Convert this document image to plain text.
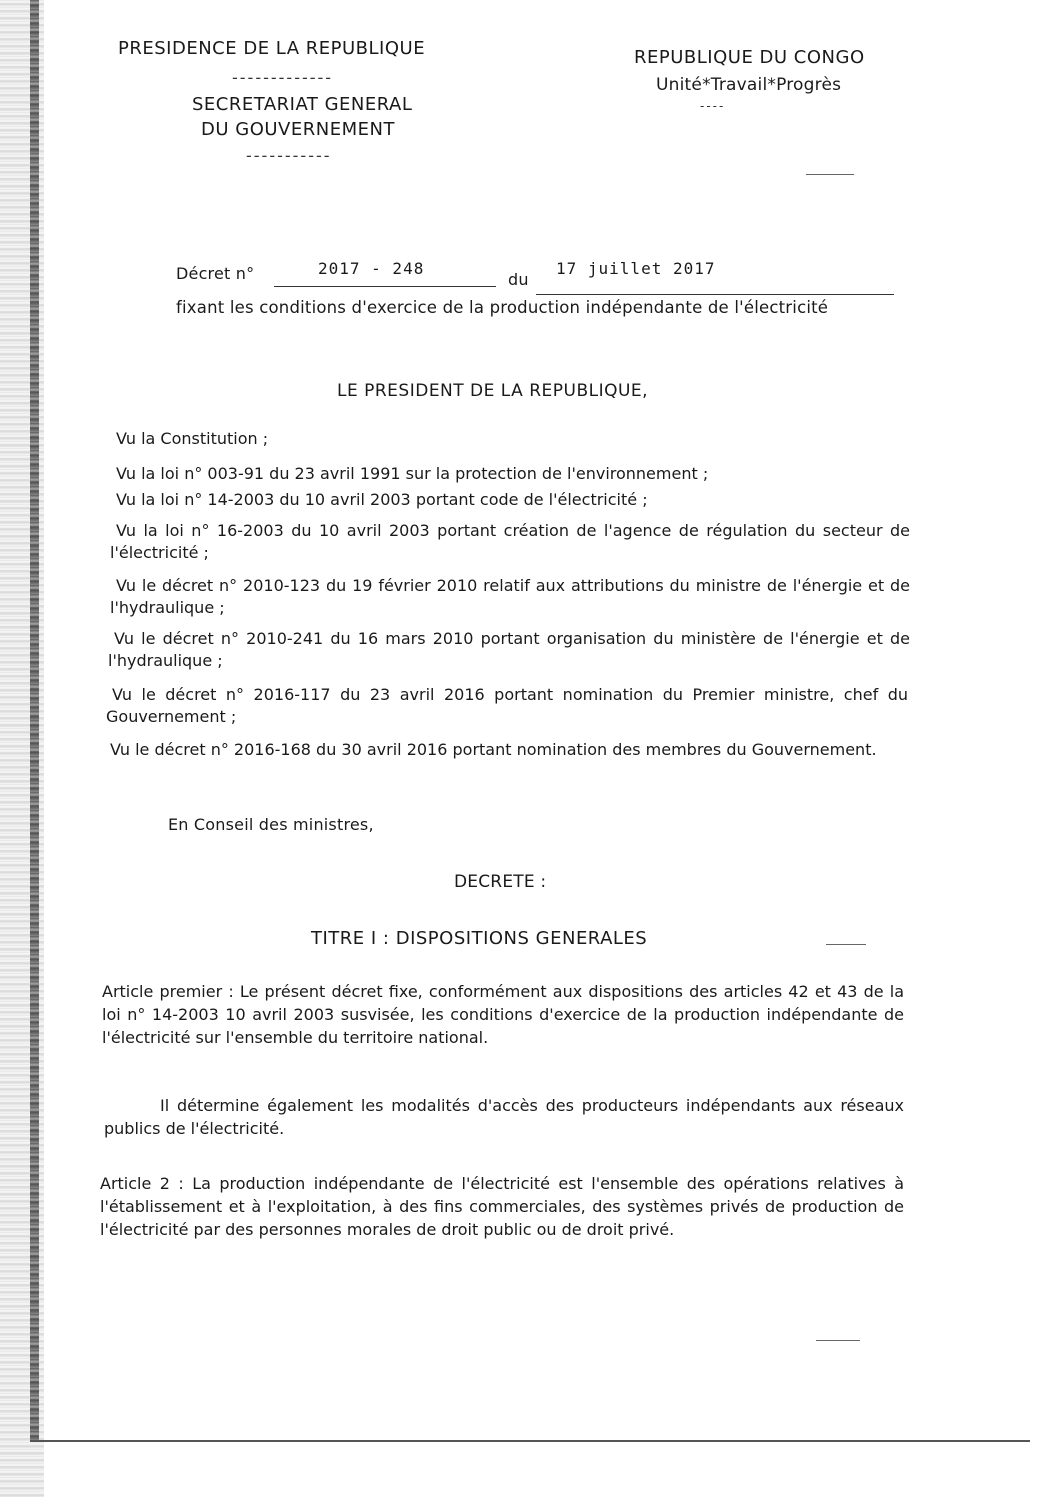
PRESIDENCE DE LA REPUBLIQUE
-------------
SECRETARIAT GENERAL
DU GOUVERNEMENT
-----------
REPUBLIQUE DU CONGO
Unité*Travail*Progrès
----
Décret n°	2017 - 248
du
17 juillet 2017
fixant les conditions d'exercice de la production indépendante de l'électricité
LE PRESIDENT DE LA REPUBLIQUE,
Vu la Constitution ;
Vu la loi n° 003-91 du 23 avril 1991 sur la protection de l'environnement ;
Vu la loi n° 14-2003 du 10 avril 2003 portant code de l'électricité ;
Vu la loi n° 16-2003 du 10 avril 2003 portant création de l'agence de régulation du secteur de l'électricité ;
Vu le décret n° 2010-123 du 19 février 2010 relatif aux attributions du ministre de l'énergie et de l'hydraulique ;
Vu le décret n° 2010-241 du 16 mars 2010 portant organisation du ministère de l'énergie et de l'hydraulique ;
Vu le décret n° 2016-117 du 23 avril 2016 portant nomination du Premier ministre, chef du Gouvernement ;
Vu le décret n° 2016-168 du 30 avril 2016 portant nomination des membres du Gouvernement.
En Conseil des ministres,
DECRETE :
TITRE I : DISPOSITIONS GENERALES
Article premier : Le présent décret fixe, conformément aux dispositions des articles 42 et 43 de la loi n° 14-2003 10 avril 2003 susvisée, les conditions d'exercice de la production indépendante de l'électricité sur l'ensemble du territoire national.
Il détermine également les modalités d'accès des producteurs indépendants aux réseaux publics de l'électricité.
Article 2 : La production indépendante de l'électricité est l'ensemble des opérations relatives à l'établissement et à l'exploitation, à des fins commerciales, des systèmes privés de production de l'électricité par des personnes morales de droit public ou de droit privé.
